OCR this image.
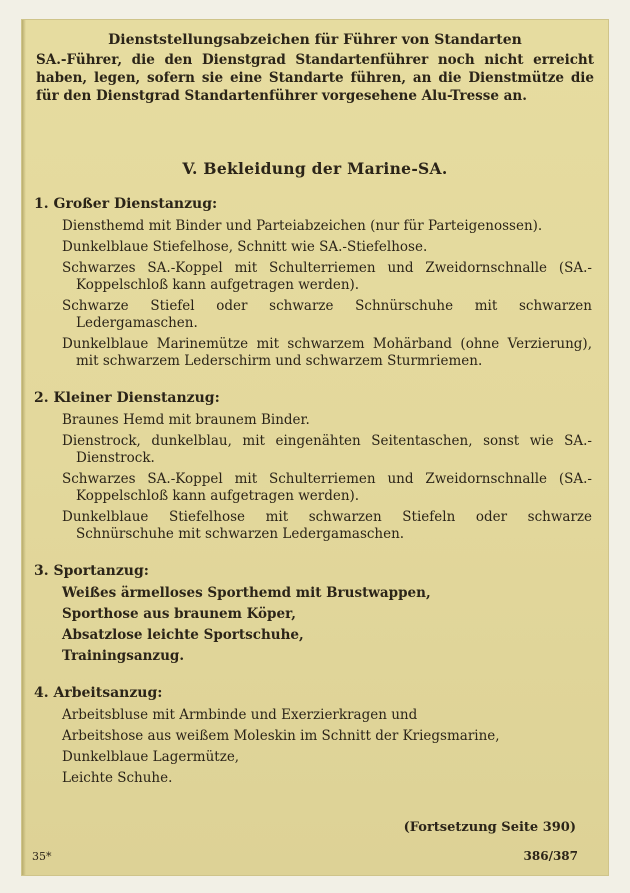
Dienststellungsabzeichen für Führer von Standarten
SA.-Führer, die den Dienstgrad Standartenführer noch nicht erreicht haben, legen, sofern sie eine Standarte führen, an die Dienstmütze die für den Dienstgrad Standartenführer vorgesehene Alu-Tresse an.
V. Bekleidung der Marine-SA.
1. Großer Dienstanzug:
Diensthemd mit Binder und Parteiabzeichen (nur für Parteigenossen).
Dunkelblaue Stiefelhose, Schnitt wie SA.-Stiefelhose.
Schwarzes SA.-Koppel mit Schulterriemen und Zweidornschnalle (SA.-Koppelschloß kann aufgetragen werden).
Schwarze Stiefel oder schwarze Schnürschuhe mit schwarzen Ledergamaschen.
Dunkelblaue Marinemütze mit schwarzem Mohärband (ohne Verzierung), mit schwarzem Lederschirm und schwarzem Sturmriemen.
2. Kleiner Dienstanzug:
Braunes Hemd mit braunem Binder.
Dienstrock, dunkelblau, mit eingenähten Seitentaschen, sonst wie SA.-Dienstrock.
Schwarzes SA.-Koppel mit Schulterriemen und Zweidornschnalle (SA.-Koppelschloß kann aufgetragen werden).
Dunkelblaue Stiefelhose mit schwarzen Stiefeln oder schwarze Schnürschuhe mit schwarzen Ledergamaschen.
3. Sportanzug:
Weißes ärmelloses Sporthemd mit Brustwappen,
Sporthose aus braunem Köper,
Absatzlose leichte Sportschuhe,
Trainingsanzug.
4. Arbeitsanzug:
Arbeitsbluse mit Armbinde und Exerzierkragen und
Arbeitshose aus weißem Moleskin im Schnitt der Kriegsmarine,
Dunkelblaue Lagermütze,
Leichte Schuhe.
(Fortsetzung Seite 390)
35*	386/387
